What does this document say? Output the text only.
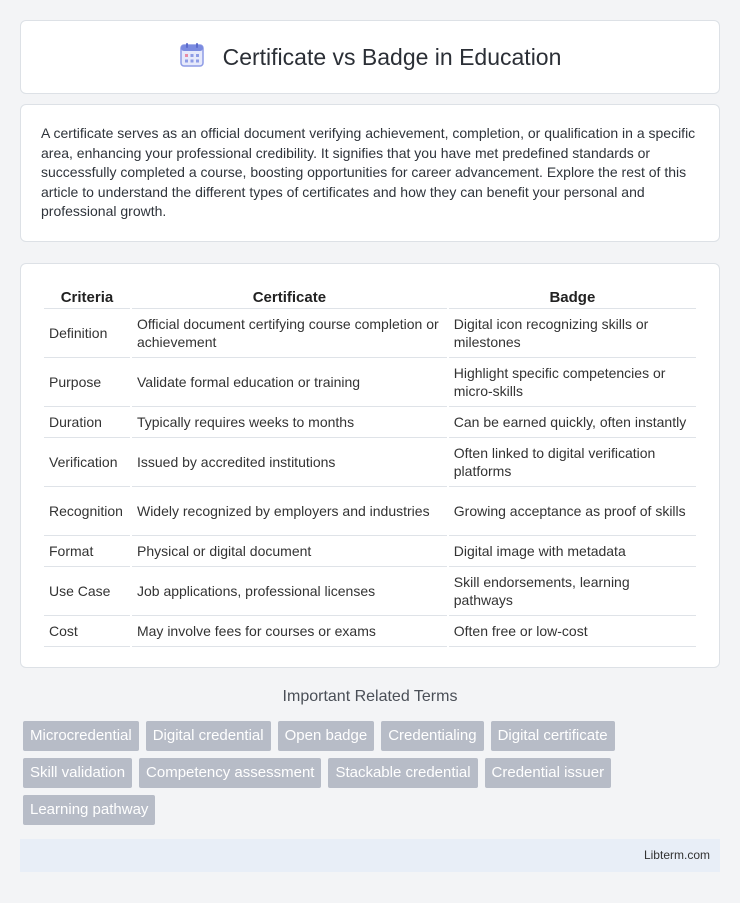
Certificate vs Badge in Education

A certificate serves as an official document verifying achievement, completion, or qualification in a specific area, enhancing your professional credibility. It signifies that you have met predefined standards or successfully completed a course, boosting opportunities for career advancement. Explore the rest of this article to understand the different types of certificates and how they can benefit your personal and professional growth.

Criteria	Certificate	Badge
Definition	Official document certifying course completion or achievement	Digital icon recognizing skills or milestones
Purpose	Validate formal education or training	Highlight specific competencies or micro-skills
Duration	Typically requires weeks to months	Can be earned quickly, often instantly
Verification	Issued by accredited institutions	Often linked to digital verification platforms
Recognition	Widely recognized by employers and industries	Growing acceptance as proof of skills
Format	Physical or digital document	Digital image with metadata
Use Case	Job applications, professional licenses	Skill endorsements, learning pathways
Cost	May involve fees for courses or exams	Often free or low-cost
Important Related Terms
Microcredential	Digital credential	Open badge	Credentialing	Digital certificate
Skill validation	Competency assessment	Stackable credential	Credential issuer
Learning pathway
Libterm.com
